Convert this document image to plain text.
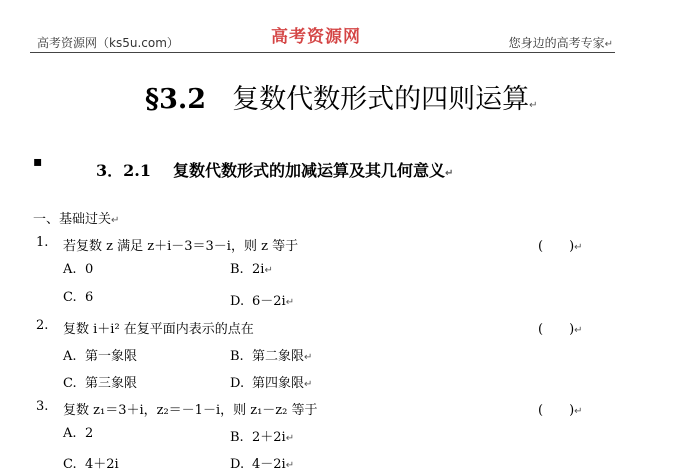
高考资源网（ks5u.com）	高考资源网	您身边的高考专家↵
§3.2 复数代数形式的四则运算↵
▪	3．2.1 复数代数形式的加减运算及其几何意义↵
一、基础过关↵
1. 若复数 z 满足 z＋i－3＝3－i，则 z 等于	(　　)↵
A. 0	B. 2i↵
C. 6	D. 6－2i↵
2. 复数 i＋i² 在复平面内表示的点在	(　　)↵
A. 第一象限	B. 第二象限↵
C. 第三象限	D. 第四象限↵
3. 复数 z₁＝3＋i，z₂＝－1－i，则 z₁－z₂ 等于	(　　)↵
A. 2	B. 2＋2i↵
C. 4＋2i	D. 4－2i↵
